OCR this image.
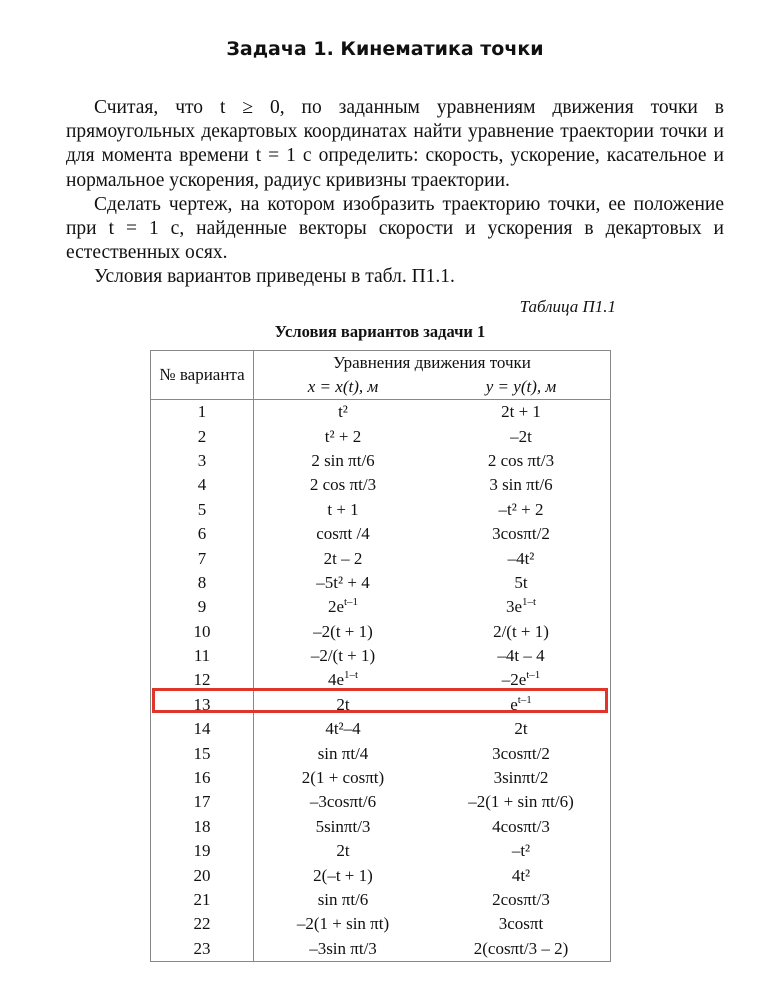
Задача 1. Кинематика точки

Считая, что t ≥ 0, по заданным уравнениям движения точки в прямоугольных декартовых координатах найти уравнение траектории точки и для момента времени t = 1 с определить: скорость, ускорение, касательное и нормальное ускорения, радиус кривизны траектории.

Сделать чертеж, на котором изобразить траекторию точки, ее положение при t = 1 с, найденные векторы скорости и ускорения в декартовых и естественных осях.

Условия вариантов приведены в табл. П1.1.

Таблица П1.1
Условия вариантов задачи 1
№ варианта	Уравнения движения точки	
	x = x(t), м	y = y(t), м
1	t²	2t + 1
2	t² + 2	–2t
3	2 sin πt/6	2 cos πt/3
4	2 cos πt/3	3 sin πt/6
5	t + 1	–t² + 2
6	cosπt /4	3cosπt/2
7	2t – 2	–4t²
8	–5t² + 4	5t
9	$2e^{t-1}$	$3e^{1-t}$
10	–2(t + 1)	2/(t + 1)
11	–2/(t + 1)	–4t – 4
12	$4e^{1-t}$	$-2e^{t-1}$
13	2t	$e^{t-1}$
14	4t²–4	2t
15	sin πt/4	3cosπt/2
16	2(1 + cosπt)	3sinπt/2
17	–3cosπt/6	–2(1 + sin πt/6)
18	5sinπt/3	4cosπt/3
19	2t	–t²
20	2(–t + 1)	4t²
21	sin πt/6	2cosπt/3
22	–2(1 + sin πt)	3cosπt
23	–3sin πt/3	2(cosπt/3 – 2)
